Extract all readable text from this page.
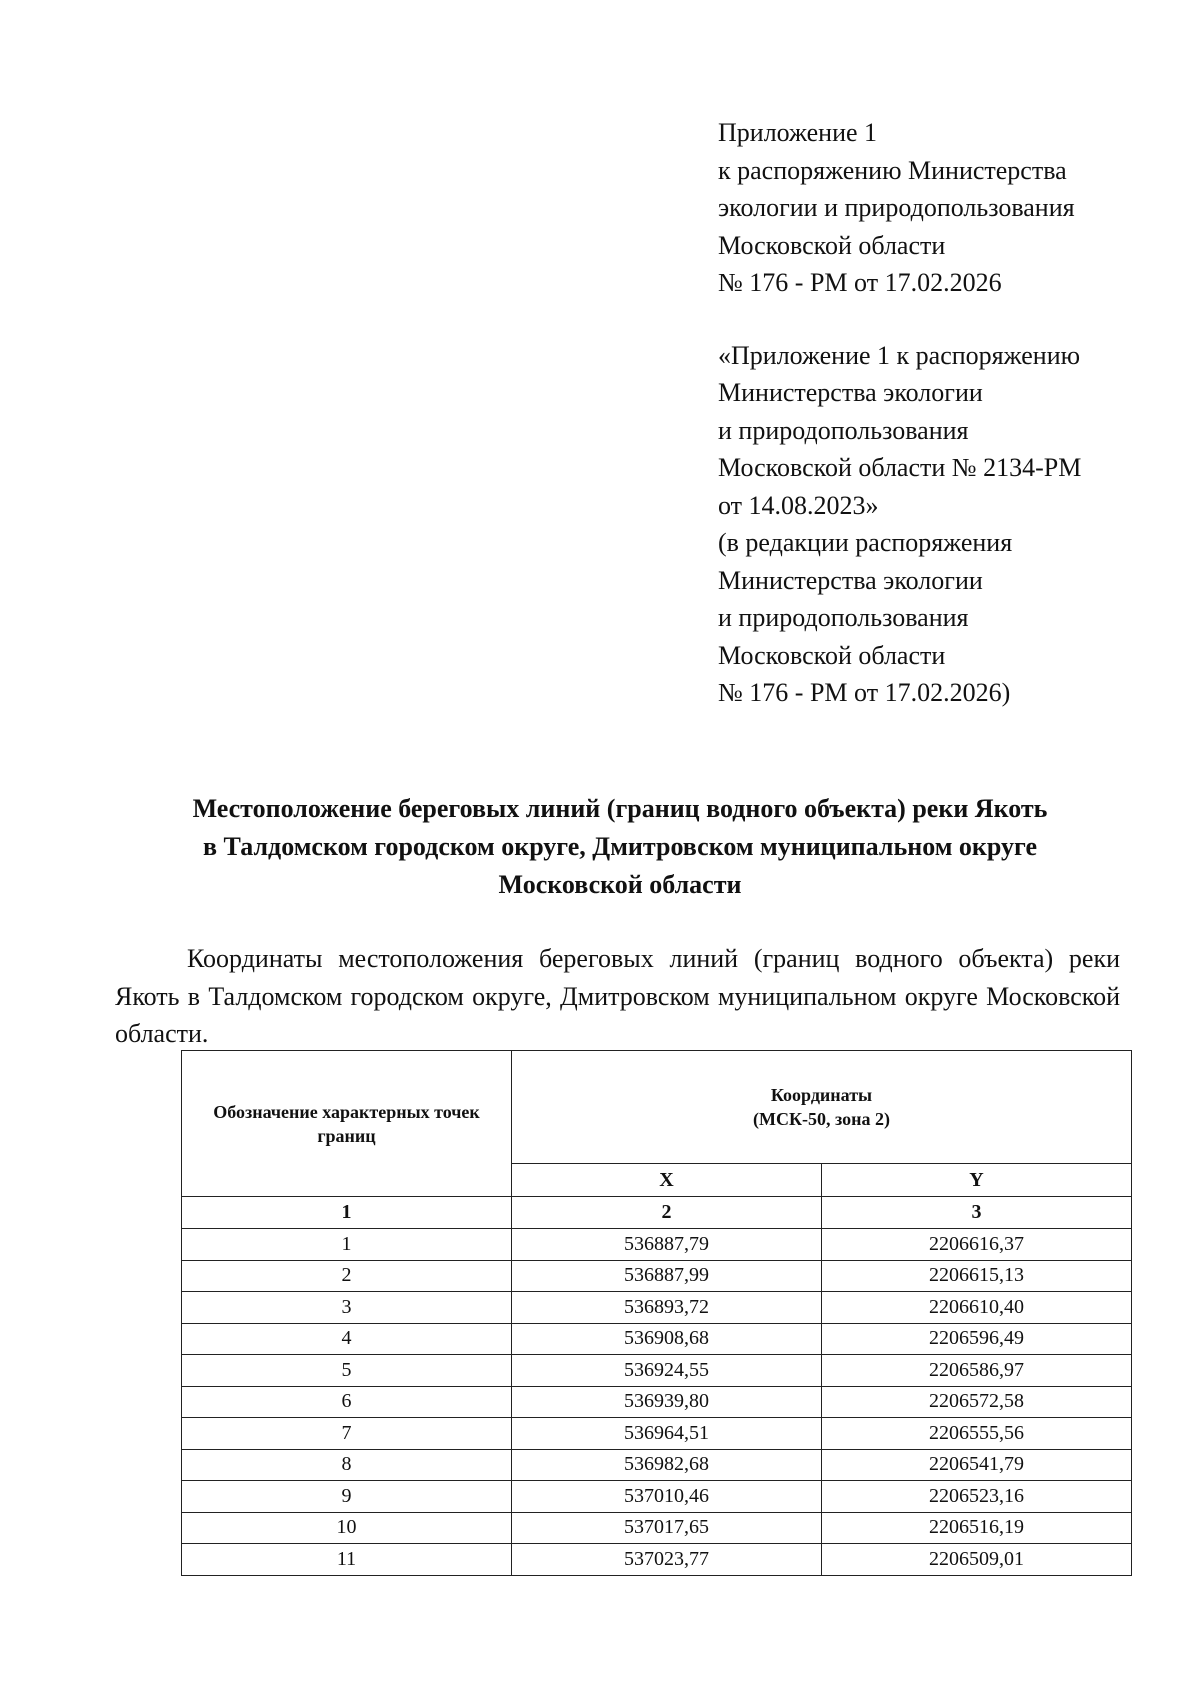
Приложение 1
к распоряжению Министерства
экологии и природопользования
Московской области
№ 176 - РМ от 17.02.2026
«Приложение 1 к распоряжению
Министерства экологии
и природопользования
Московской области № 2134-РМ
от 14.08.2023»
(в редакции распоряжения
Министерства экологии
и природопользования
Московской области
№ 176 - РМ от 17.02.2026)
Местоположение береговых линий (границ водного объекта) реки Якоть
в Талдомском городском округе, Дмитровском муниципальном округе
Московской области
Координаты местоположения береговых линий (границ водного объекта) реки Якоть в Талдомском городском округе, Дмитровском муниципальном округе Московской области.
Обозначение характерных точек границ	Координаты
(МСК-50, зона 2)	
	X	Y
1	2	3
1	536887,79	2206616,37
2	536887,99	2206615,13
3	536893,72	2206610,40
4	536908,68	2206596,49
5	536924,55	2206586,97
6	536939,80	2206572,58
7	536964,51	2206555,56
8	536982,68	2206541,79
9	537010,46	2206523,16
10	537017,65	2206516,19
11	537023,77	2206509,01
